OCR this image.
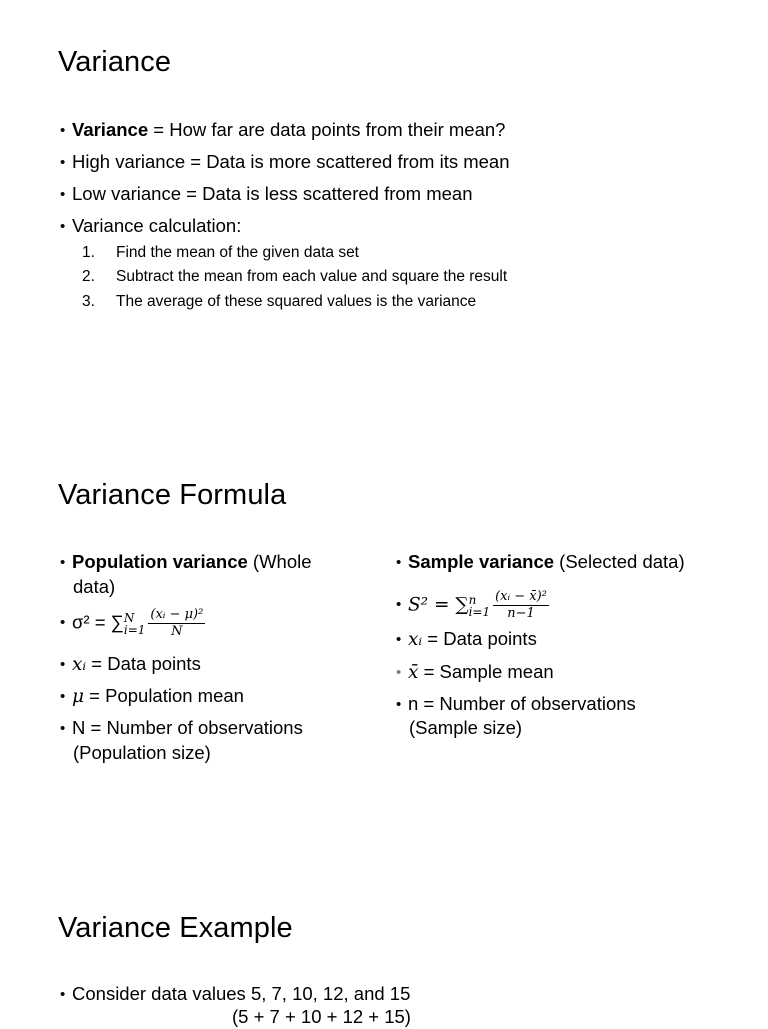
Variance
• Variance = How far are data points from their mean?
• High variance = Data is more scattered from its mean
• Low variance = Data is less scattered from mean
• Variance calculation:
1. Find the mean of the given data set
2. Subtract the mean from each value and square the result
3. The average of these squared values is the variance
Variance Formula
• Population variance (Whole
data)
• σ² = ∑ N
$i=1 \frac{\text{(xᵢ − μ)²}}{N}$
• xᵢ = Data points
• μ = Population mean
• N = Number of observations
(Population size)
• Sample variance (Selected data)
• S² = ∑ n
$i=1 \frac{\text{(xᵢ − x̄)²}}{n-1}$
• xᵢ = Data points
• x̄ = Sample mean
• n = Number of observations
(Sample size)
Variance Example
• Consider data values 5, 7, 10, 12, and 15
(5 + 7 + 10 + 12 + 15)
